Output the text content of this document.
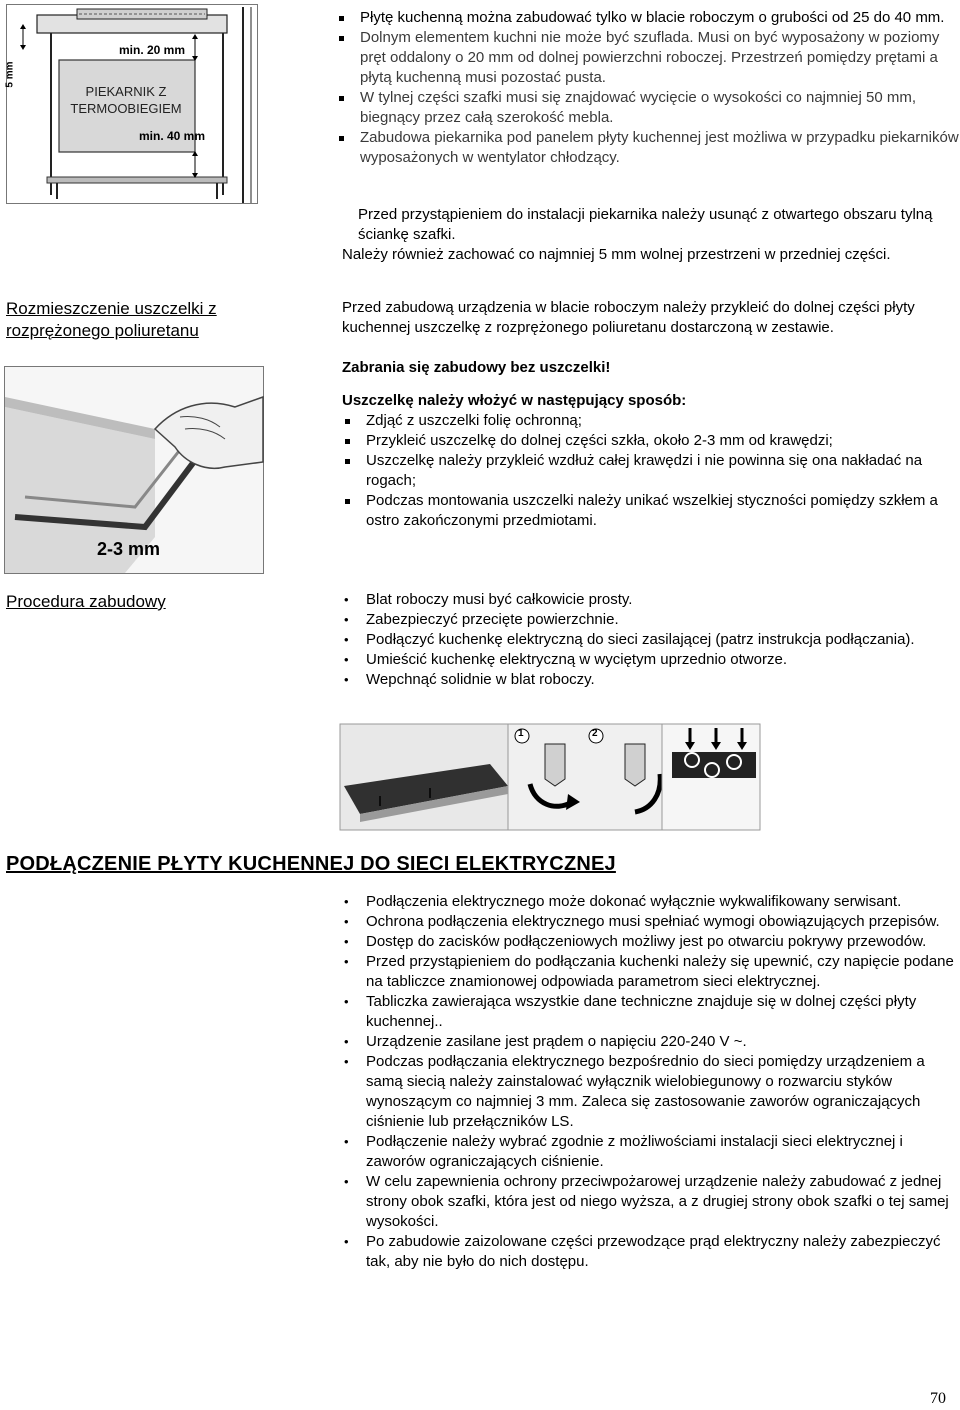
5 mm
min. 20 mm
min. 40 mm
PIEKARNIK Z
TERMOOBIEGIEM
Płytę kuchenną można zabudować tylko w blacie roboczym o grubości od 25 do 40 mm.
Dolnym elementem kuchni nie może być szuflada. Musi on być wyposażony w poziomy pręt oddalony o 20 mm od dolnej powierzchni roboczej. Przestrzeń pomiędzy prętami a płytą kuchenną musi pozostać pusta.
W tylnej części szafki musi się znajdować wycięcie o wysokości co najmniej 50 mm, biegnący przez całą szerokość mebla.
Zabudowa piekarnika pod panelem płyty kuchennej jest możliwa w przypadku piekarników wyposażonych w wentylator chłodzący.
Przed przystąpieniem do instalacji piekarnika należy usunąć z otwartego obszaru tylną ściankę szafki.
Należy również zachować co najmniej 5 mm wolnej przestrzeni w przedniej części.
Rozmieszczenie uszczelki z rozprężonego poliuretanu
Przed zabudową urządzenia w blacie roboczym należy przykleić do dolnej części płyty kuchennej uszczelkę z rozprężonego poliuretanu dostarczoną w zestawie.
Zabrania się zabudowy bez uszczelki!
Uszczelkę należy włożyć w następujący sposób:
Zdjąć z uszczelki folię ochronną;
Przykleić uszczelkę do dolnej części szkła, około 2-3 mm od krawędzi;
Uszczelkę należy przykleić wzdłuż całej krawędzi i nie powinna się ona nakładać na rogach;
Podczas montowania uszczelki należy unikać wszelkiej styczności pomiędzy szkłem a ostro zakończonymi przedmiotami.
2-3 mm
Procedura zabudowy
•	Blat roboczy musi być całkowicie prosty.
• Zabezpieczyć przecięte powierzchnie.
• Podłączyć kuchenkę elektryczną do sieci zasilającej (patrz instrukcja podłączania).
• Umieścić kuchenkę elektryczną w wyciętym uprzednio otworze.
• Wepchnąć solidnie w blat roboczy.
1	2
PODŁĄCZENIE PŁYTY KUCHENNEJ DO SIECI ELEKTRYCZNEJ
• Podłączenia elektrycznego może dokonać wyłącznie wykwalifikowany serwisant.
• Ochrona podłączenia elektrycznego musi spełniać wymogi obowiązujących przepisów.
• Dostęp do zacisków podłączeniowych możliwy jest po otwarciu pokrywy przewodów.
• Przed przystąpieniem do podłączania kuchenki należy się upewnić, czy napięcie podane na tabliczce znamionowej odpowiada parametrom sieci elektrycznej.
• Tabliczka zawierająca wszystkie dane techniczne znajduje się w dolnej części płyty kuchennej..
• Urządzenie zasilane jest prądem o napięciu 220-240 V ~.
• Podczas podłączania elektrycznego bezpośrednio do sieci pomiędzy urządzeniem a samą siecią należy zainstalować wyłącznik wielobiegunowy o rozwarciu styków wynoszącym co najmniej 3 mm. Zaleca się zastosowanie zaworów ograniczających ciśnienie lub przełączników LS.
• Podłączenie należy wybrać zgodnie z możliwościami instalacji sieci elektrycznej i zaworów ograniczających ciśnienie.
• W celu zapewnienia ochrony przeciwpożarowej urządzenie należy zabudować z jednej strony obok szafki, która jest od niego wyższa, a z drugiej strony obok szafki o tej samej wysokości.
• Po zabudowie zaizolowane części przewodzące prąd elektryczny należy zabezpieczyć tak, aby nie było do nich dostępu.
70
